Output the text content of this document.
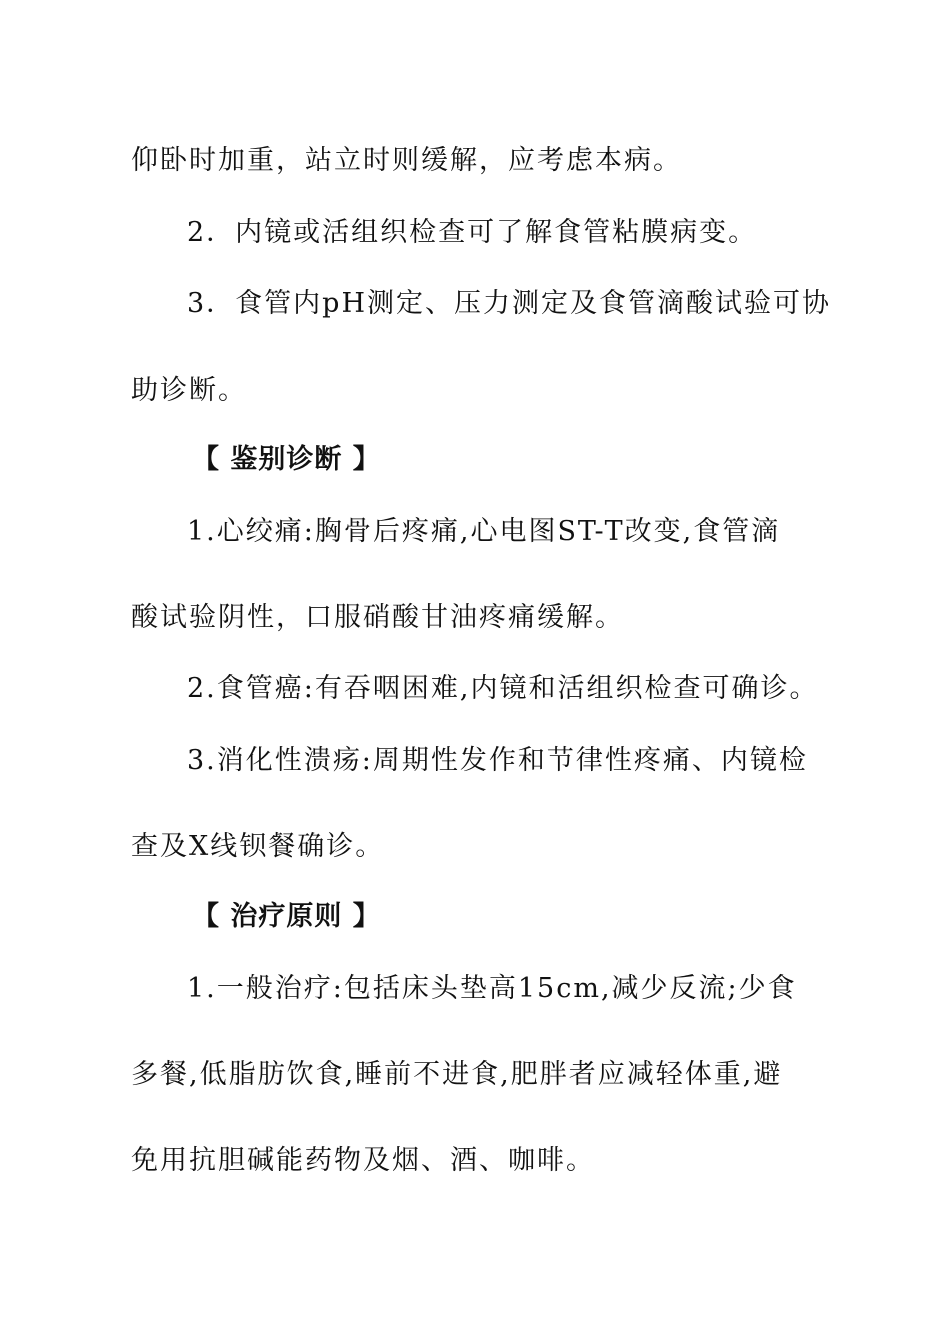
仰卧时加重，站立时则缓解，应考虑本病。
2．内镜或活组织检查可了解食管粘膜病变。
3．食管内pH测定、压力测定及食管滴酸试验可协
助诊断。
【 鉴别诊断 】
1.心绞痛:胸骨后疼痛,心电图ST-T改变,食管滴
酸试验阴性，口服硝酸甘油疼痛缓解。
2.食管癌:有吞咽困难,内镜和活组织检查可确诊。
3.消化性溃疡:周期性发作和节律性疼痛、内镜检
查及X线钡餐确诊。
【 治疗原则 】
1.一般治疗:包括床头垫高15cm,减少反流;少食
多餐,低脂肪饮食,睡前不进食,肥胖者应减轻体重,避
免用抗胆碱能药物及烟、酒、咖啡。
